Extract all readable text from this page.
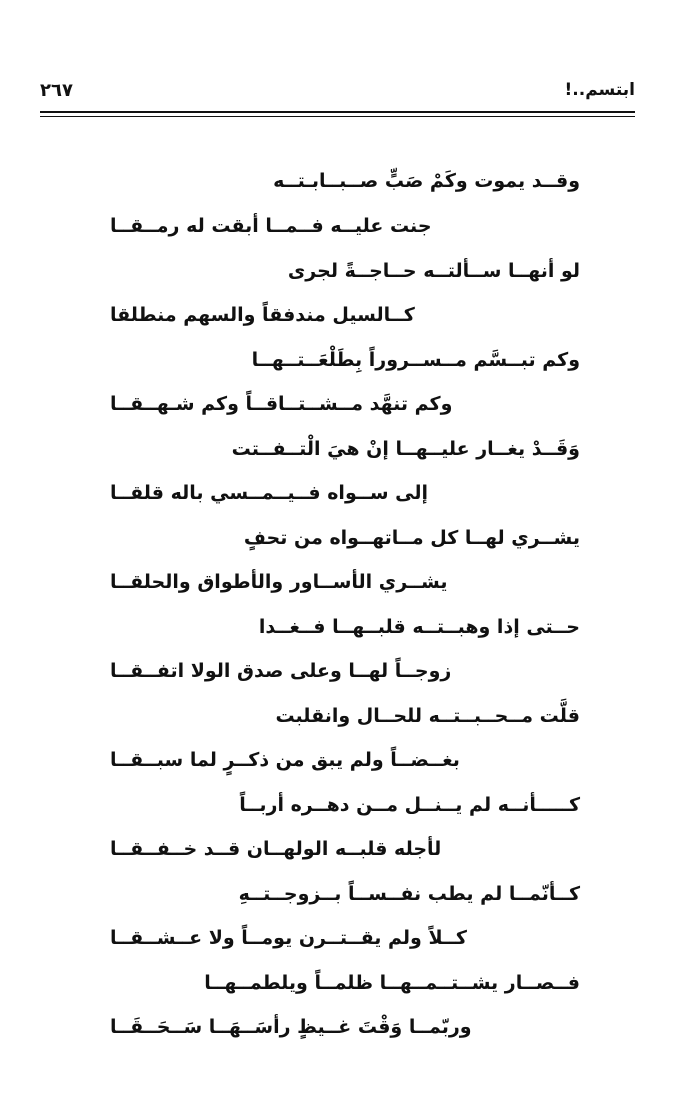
ابتسم..!
٢٦٧
وقــد يموت وكَمْ صَبٍّ صــبــابـتــه
جنت عليــه فــمــا أبقت له رمــقــا
لو أنهــا ســألتــه حــاجــةً لجرى
كــالسيل مندفقاً والسهم منطلقا
وكم تبــسَّم مــســروراً بِطَلْعَــتــهــا
وكم تنهَّد مــشــتــاقــاً وكم شـهــقــا
وَقَــدْ يغــار عليــهــا إنْ هيَ الْتــفــتت
إلى ســواه فــيــمــسي باله قلقــا
يشــري لهــا كل مــاتهــواه من تحفٍ
يشــري الأســاور والأطواق والحلقــا
حــتى إذا وهبــتــه قلبــهــا فــغــدا
زوجــاً لهــا وعلى صدق الولا اتفــقــا
قلَّت مــحــبــتــه للحــال وانقلبت
بغــضــاً ولم يبق من ذكــرٍ لما سبــقــا
كـــــأنــه لم يــنــل مــن دهــره أربــاً
لأجله قلبــه الولهــان قــد خــفــقــا
كــأنّمــا لم يطب نفــســاً بــزوجــتــهِ
كــلاً ولم يقــتــرن يومــاً ولا عــشــقــا
فــصــار يشــتــمــهــا ظلمــاً ويلطمــهــا
وربّمــا وَقْتَ غــيظٍ رأسَــهَــا سَــحَــقَــا
